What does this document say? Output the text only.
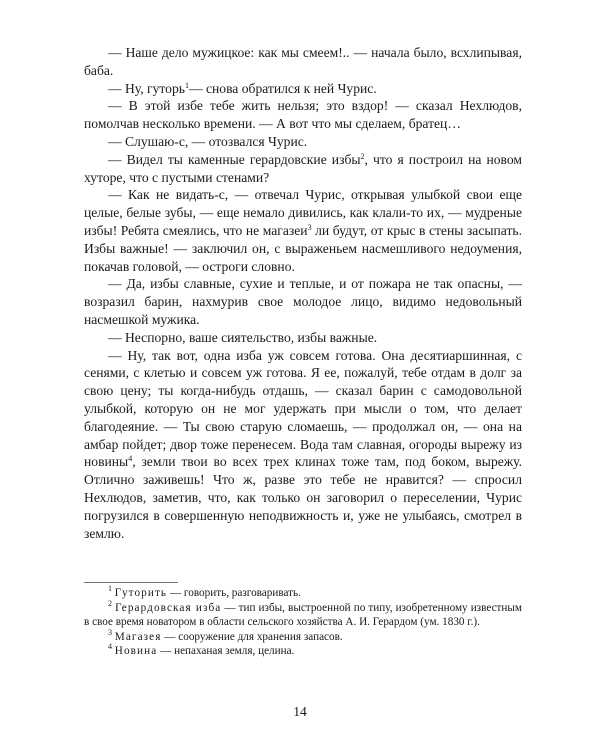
— Наше дело мужицкое: как мы смеем!.. — начала было, всхлипывая, баба.

— Ну, гуторь$^1$— снова обратился к ней Чурис.

— В этой избе тебе жить нельзя; это вздор! — сказал Нехлюдов, помолчав несколько времени. — А вот что мы сделаем, братец…

— Слушаю-с, — отозвался Чурис.

— Видел ты каменные герардовские избы$^2$, что я построил на новом хуторе, что с пустыми стенами?

— Как не видать-с, — отвечал Чурис, открывая улыбкой свои еще целые, белые зубы, — еще немало дивились, как клали-то их, — мудреные избы! Ребята смеялись, что не магазеи$^3$ ли будут, от крыс в стены засыпать. Избы важные! — заключил он, с выраженьем насмешливого недоумения, покачав головой, — остроги словно.

— Да, избы славные, сухие и теплые, и от пожара не так опасны, — возразил барин, нахмурив свое молодое лицо, видимо недовольный насмешкой мужика.

— Неспорно, ваше сиятельство, избы важные.

— Ну, так вот, одна изба уж совсем готова. Она десятиаршинная, с сенями, с клетью и совсем уж готова. Я ее, пожалуй, тебе отдам в долг за свою цену; ты когда-нибудь отдашь, — сказал барин с самодовольной улыбкой, которую он не мог удержать при мысли о том, что делает благодеяние. — Ты свою старую сломаешь, — продолжал он, — она на амбар пойдет; двор тоже перенесем. Вода там славная, огороды вырежу из новины$^4$, земли твои во всех трех клинах тоже там, под боком, вырежу. Отлично заживешь! Что ж, разве это тебе не нравится? — спросил Нехлюдов, заметив, что, как только он заговорил о переселении, Чурис погрузился в совершенную неподвижность и, уже не улыбаясь, смотрел в землю.

$^1$ Гуторить — говорить, разговаривать.

$^2$ Герардовская изба — тип избы, выстроенной по типу, изобретенному известным в свое время новатором в области сельского хозяйства А. И. Герардом (ум. 1830 г.).

$^3$ Магазея — сооружение для хранения запасов.

$^4$ Новина — непаханая земля, целина.

14
